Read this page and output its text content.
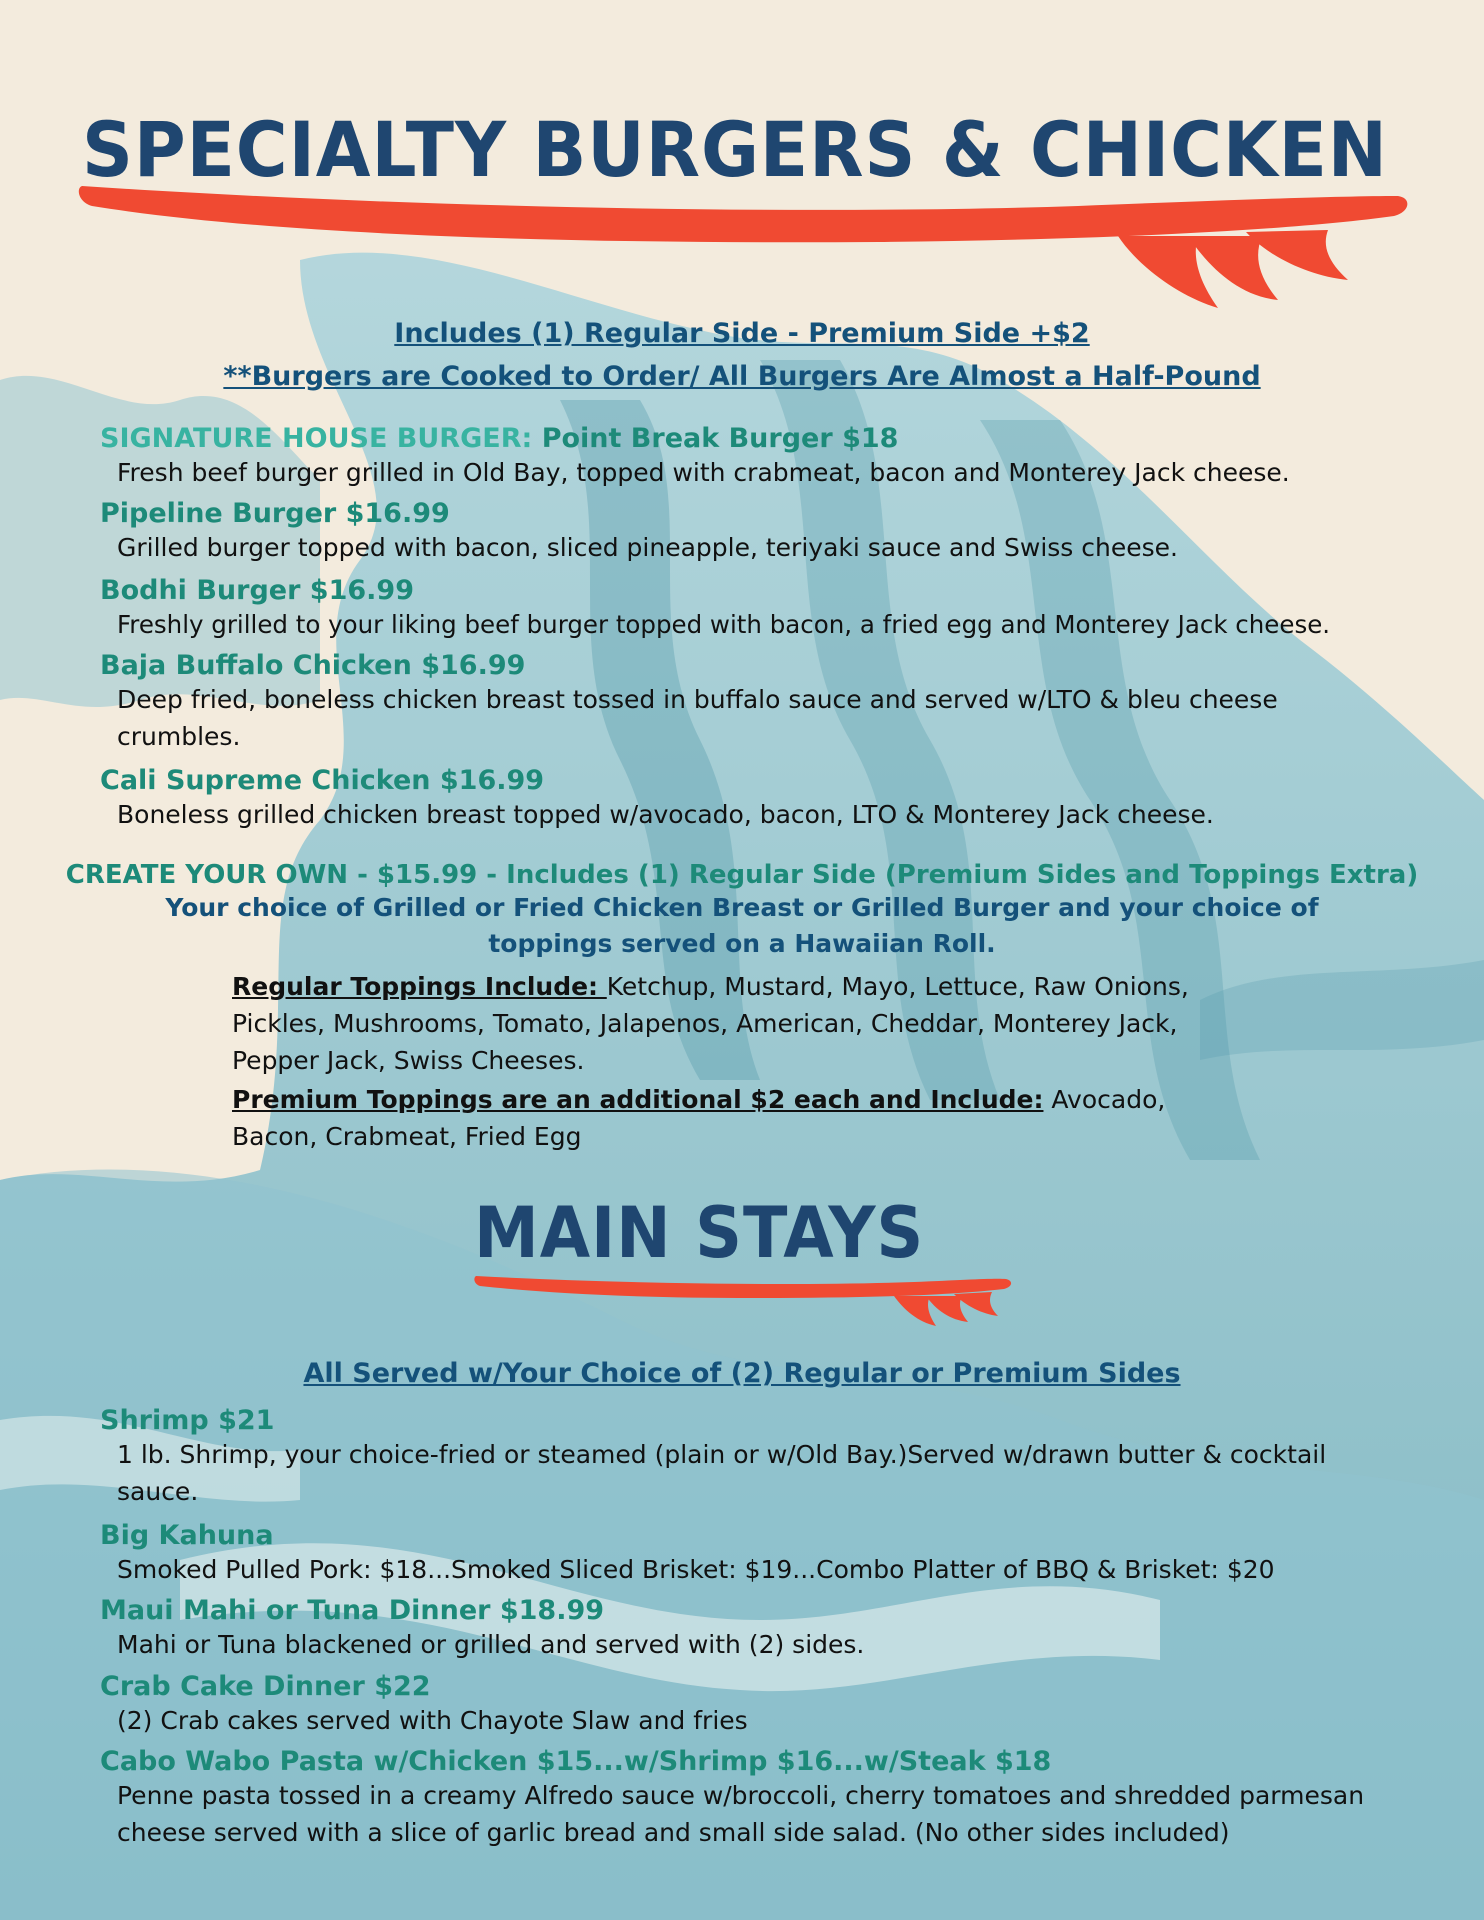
SPECIALTY BURGERS & CHICKEN

Includes (1) Regular Side - Premium Side +$2

**Burgers are Cooked to Order/ All Burgers Are Almost a Half-Pound

SIGNATURE HOUSE BURGER: Point Break Burger $18

Fresh beef burger grilled in Old Bay, topped with crabmeat, bacon and Monterey Jack cheese.

Pipeline Burger $16.99

Grilled burger topped with bacon, sliced pineapple, teriyaki sauce and Swiss cheese.

Bodhi Burger $16.99

Freshly grilled to your liking beef burger topped with bacon, a fried egg and Monterey Jack cheese.

Baja Buffalo Chicken $16.99

Deep fried, boneless chicken breast tossed in buffalo sauce and served w/LTO & bleu cheese crumbles.

Cali Supreme Chicken $16.99

Boneless grilled chicken breast topped w/avocado, bacon, LTO & Monterey Jack cheese.

CREATE YOUR OWN - $15.99 - Includes (1) Regular Side (Premium Sides and Toppings Extra)

Your choice of Grilled or Fried Chicken Breast or Grilled Burger and your choice of toppings served on a Hawaiian Roll.

Regular Toppings Include: Ketchup, Mustard, Mayo, Lettuce, Raw Onions, Pickles, Mushrooms, Tomato, Jalapenos, American, Cheddar, Monterey Jack, Pepper Jack, Swiss Cheeses.

Premium Toppings are an additional $2 each and Include: Avocado, Bacon, Crabmeat, Fried Egg

MAIN STAYS

All Served w/Your Choice of (2) Regular or Premium Sides

Shrimp $21

1 lb. Shrimp, your choice-fried or steamed (plain or w/Old Bay.)Served w/drawn butter & cocktail sauce.

Big Kahuna

Smoked Pulled Pork: $18...Smoked Sliced Brisket: $19...Combo Platter of BBQ & Brisket: $20

Maui Mahi or Tuna Dinner $18.99

Mahi or Tuna blackened or grilled and served with (2) sides.

Crab Cake Dinner $22

(2) Crab cakes served with Chayote Slaw and fries

Cabo Wabo Pasta w/Chicken $15...w/Shrimp $16...w/Steak $18

Penne pasta tossed in a creamy Alfredo sauce w/broccoli, cherry tomatoes and shredded parmesan cheese served with a slice of garlic bread and small side salad. (No other sides included)
